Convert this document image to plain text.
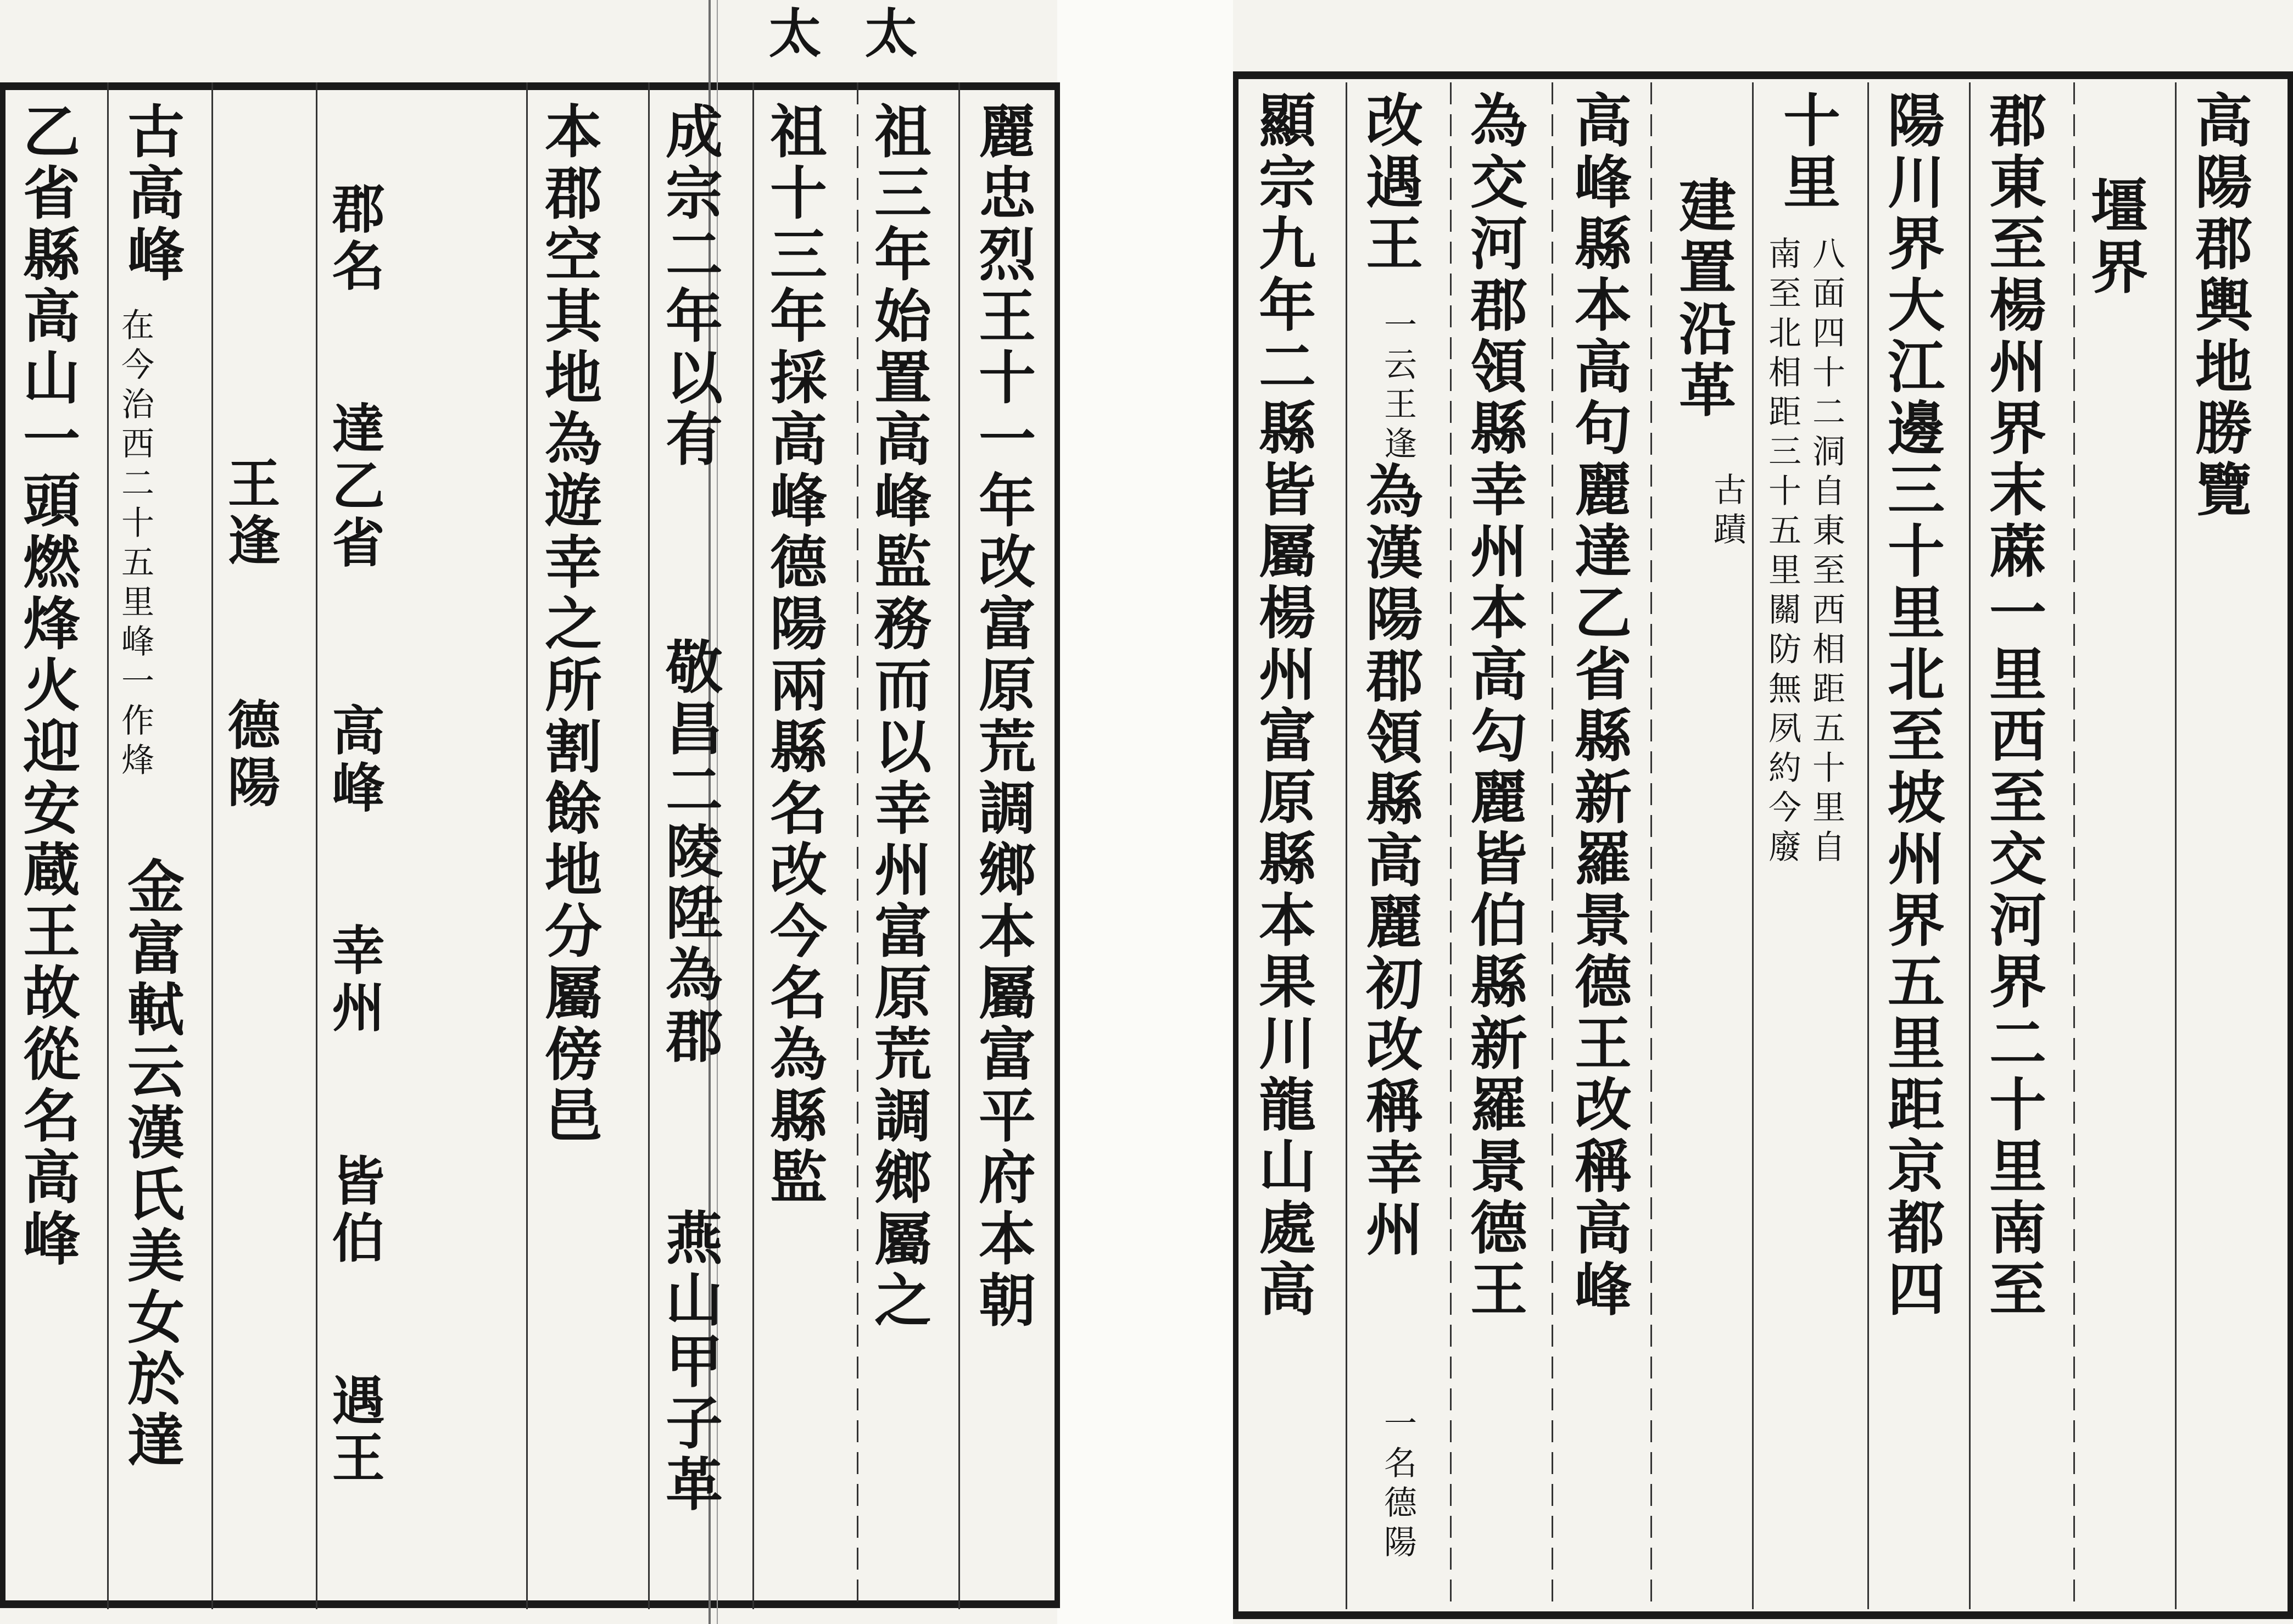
太
太
麗忠烈王十一年改富原荒調鄉本屬富平府本朝
祖三年始置高峰監務而以幸州富原荒調鄉屬之
祖十三年採高峰德陽兩縣名改今名為縣監
成宗二年以有
敬昌二陵陞為郡
燕山甲子革
本郡空其地為遊幸之所割餘地分屬傍邑
郡名
達乙省
高峰
幸州
皆伯
遇王
王逢
德陽
古高峰
在今治西二十五里峰一作烽
金富軾云漢氏美女於達
乙省縣高山一頭燃烽火迎安蔵王故從名高峰	高陽郡輿地勝覽
壃界
郡東至楊州界末蔴一里西至交河界二十里南至
陽川界大江邊三十里北至坡州界五里距京都四
十里
八面四十二洞自東至西相距五十里自
南至北相距三十五里關防無夙約今廢
建置沿革
古蹟
高峰縣本高句麗達乙省縣新羅景德王改稱高峰
為交河郡領縣幸州本高勾麗皆伯縣新羅景德王
改遇王
一云王逢
為漢陽郡領縣高麗初改稱幸州
一名德陽
顯宗九年二縣皆屬楊州富原縣本果川龍山處高
